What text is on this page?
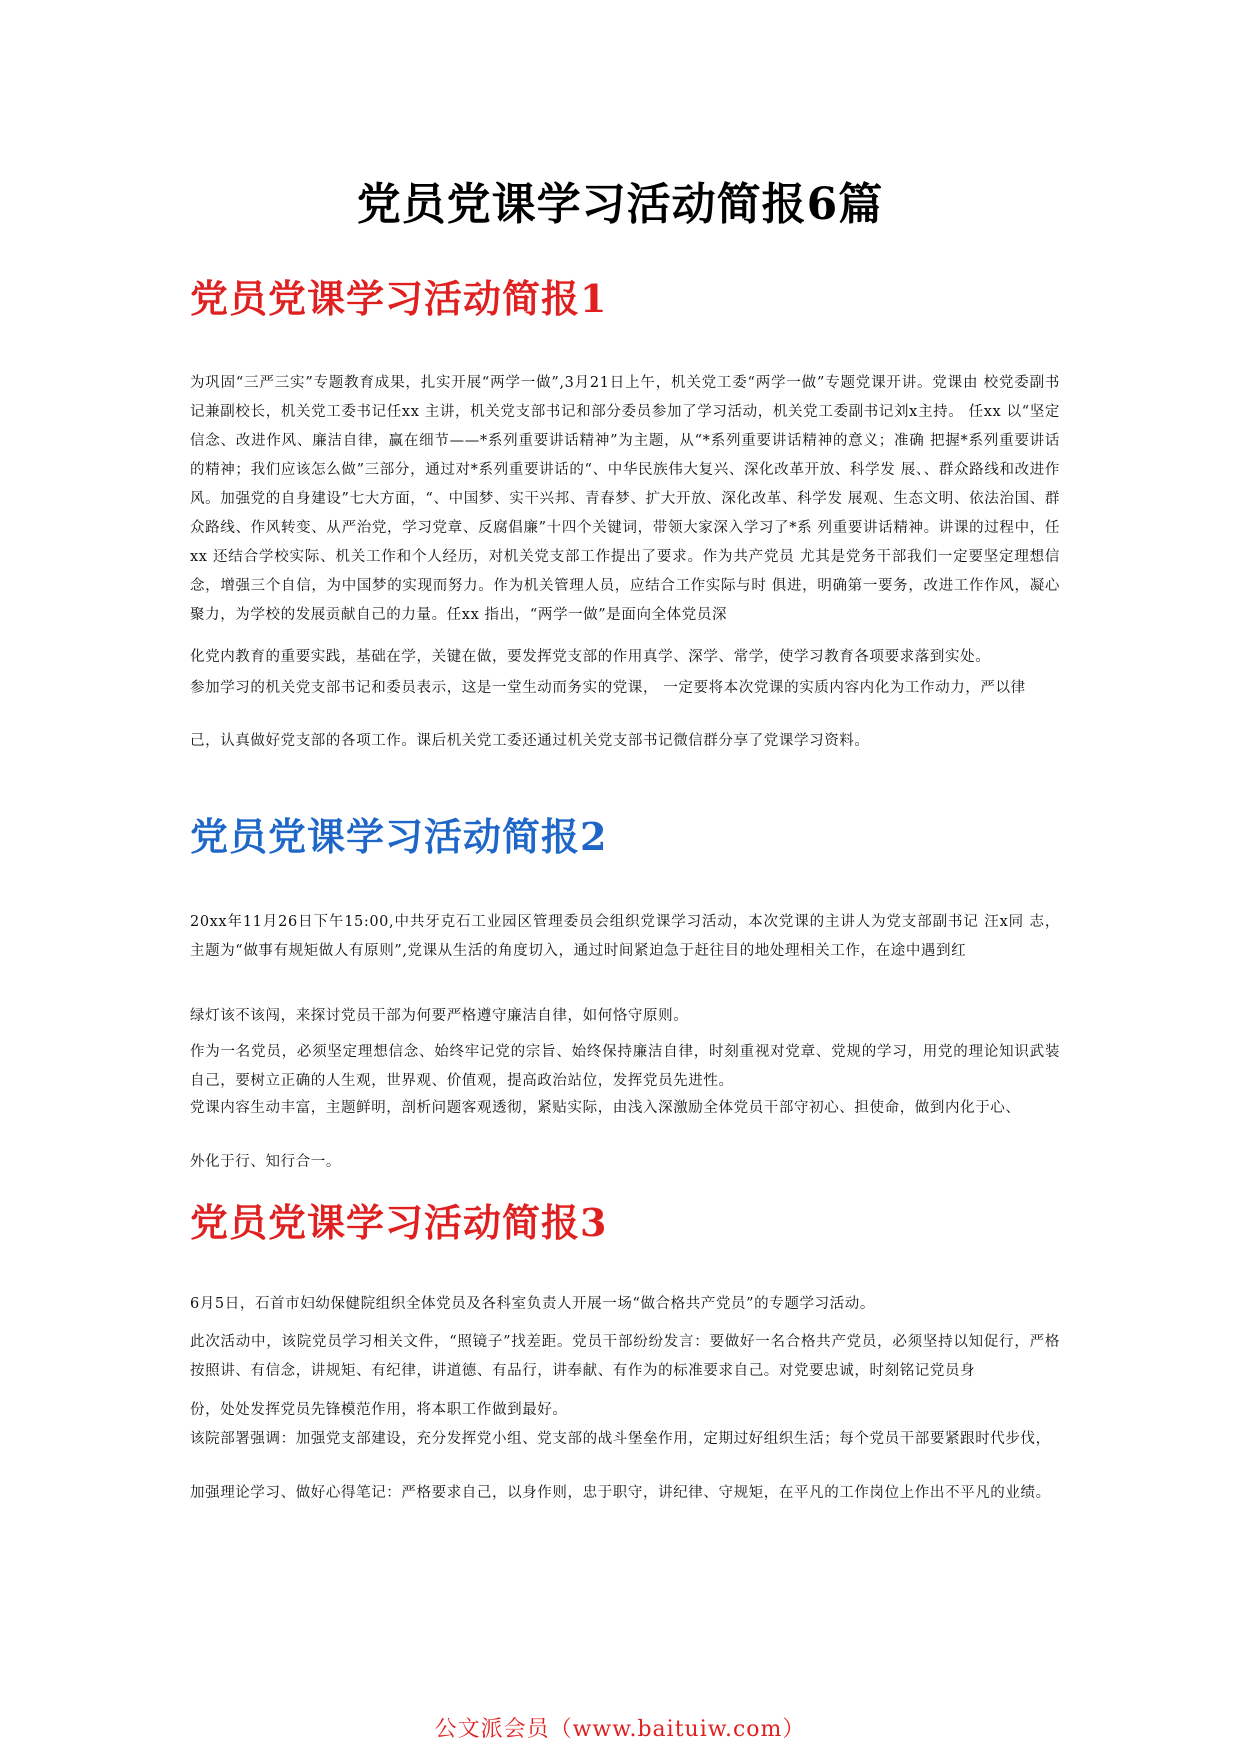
党员党课学习活动简报6篇
党员党课学习活动简报1
为巩固“三严三实”专题教育成果，扎实开展“两学一做”,3月21日上午，机关党工委“两学一做”专题党课开讲。党课由 校党委副书记兼副校长，机关党工委书记任xx 主讲，机关党支部书记和部分委员参加了学习活动，机关党工委副书记刘x主持。 任xx 以“坚定信念、改进作风、廉洁自律，赢在细节——*系列重要讲话精神”为主题，从“*系列重要讲话精神的意义；准确 把握*系列重要讲话的精神；我们应该怎么做”三部分，通过对*系列重要讲话的“、中华民族伟大复兴、深化改革开放、科学发 展、、群众路线和改进作风。加强党的自身建设”七大方面，“、中国梦、实干兴邦、青春梦、扩大开放、深化改革、科学发 展观、生态文明、依法治国、群众路线、作风转变、从严治党，学习党章、反腐倡廉”十四个关键词，带领大家深入学习了*系 列重要讲话精神。讲课的过程中，任xx 还结合学校实际、机关工作和个人经历，对机关党支部工作提出了要求。作为共产党员 尤其是党务干部我们一定要坚定理想信念，增强三个自信，为中国梦的实现而努力。作为机关管理人员，应结合工作实际与时 俱进，明确第一要务，改进工作作风，凝心聚力，为学校的发展贡献自己的力量。任xx 指出，“两学一做”是面向全体党员深
化党内教育的重要实践，基础在学，关键在做，要发挥党支部的作用真学、深学、常学，使学习教育各项要求落到实处。
参加学习的机关党支部书记和委员表示，这是一堂生动而务实的党课， 一定要将本次党课的实质内容内化为工作动力，严以律
己，认真做好党支部的各项工作。课后机关党工委还通过机关党支部书记微信群分享了党课学习资料。
党员党课学习活动简报2
20xx年11月26日下午15:00,中共牙克石工业园区管理委员会组织党课学习活动，本次党课的主讲人为党支部副书记 汪x同 志，主题为“做事有规矩做人有原则”,党课从生活的角度切入，通过时间紧迫急于赶往目的地处理相关工作，在途中遇到红
绿灯该不该闯，来探讨党员干部为何要严格遵守廉洁自律，如何恪守原则。
作为一名党员，必须坚定理想信念、始终牢记党的宗旨、始终保持廉洁自律，时刻重视对党章、党规的学习，用党的理论知识武装自己，要树立正确的人生观，世界观、价值观，提高政治站位，发挥党员先进性。
党课内容生动丰富，主题鲜明，剖析问题客观透彻，紧贴实际，由浅入深激励全体党员干部守初心、担使命，做到内化于心、
外化于行、知行合一。
党员党课学习活动简报3
6月5日，石首市妇幼保健院组织全体党员及各科室负责人开展一场“做合格共产党员”的专题学习活动。
此次活动中，该院党员学习相关文件，“照镜子”找差距。党员干部纷纷发言：要做好一名合格共产党员，必须坚持以知促行，严格按照讲、有信念，讲规矩、有纪律，讲道德、有品行，讲奉献、有作为的标准要求自己。对党要忠诚，时刻铭记党员身
份，处处发挥党员先锋模范作用，将本职工作做到最好。
该院部署强调：加强党支部建设，充分发挥党小组、党支部的战斗堡垒作用，定期过好组织生活；每个党员干部要紧跟时代步伐，
加强理论学习、做好心得笔记：严格要求自己，以身作则，忠于职守，讲纪律、守规矩，在平凡的工作岗位上作出不平凡的业绩。
公文派会员（www.baituiw.com）
